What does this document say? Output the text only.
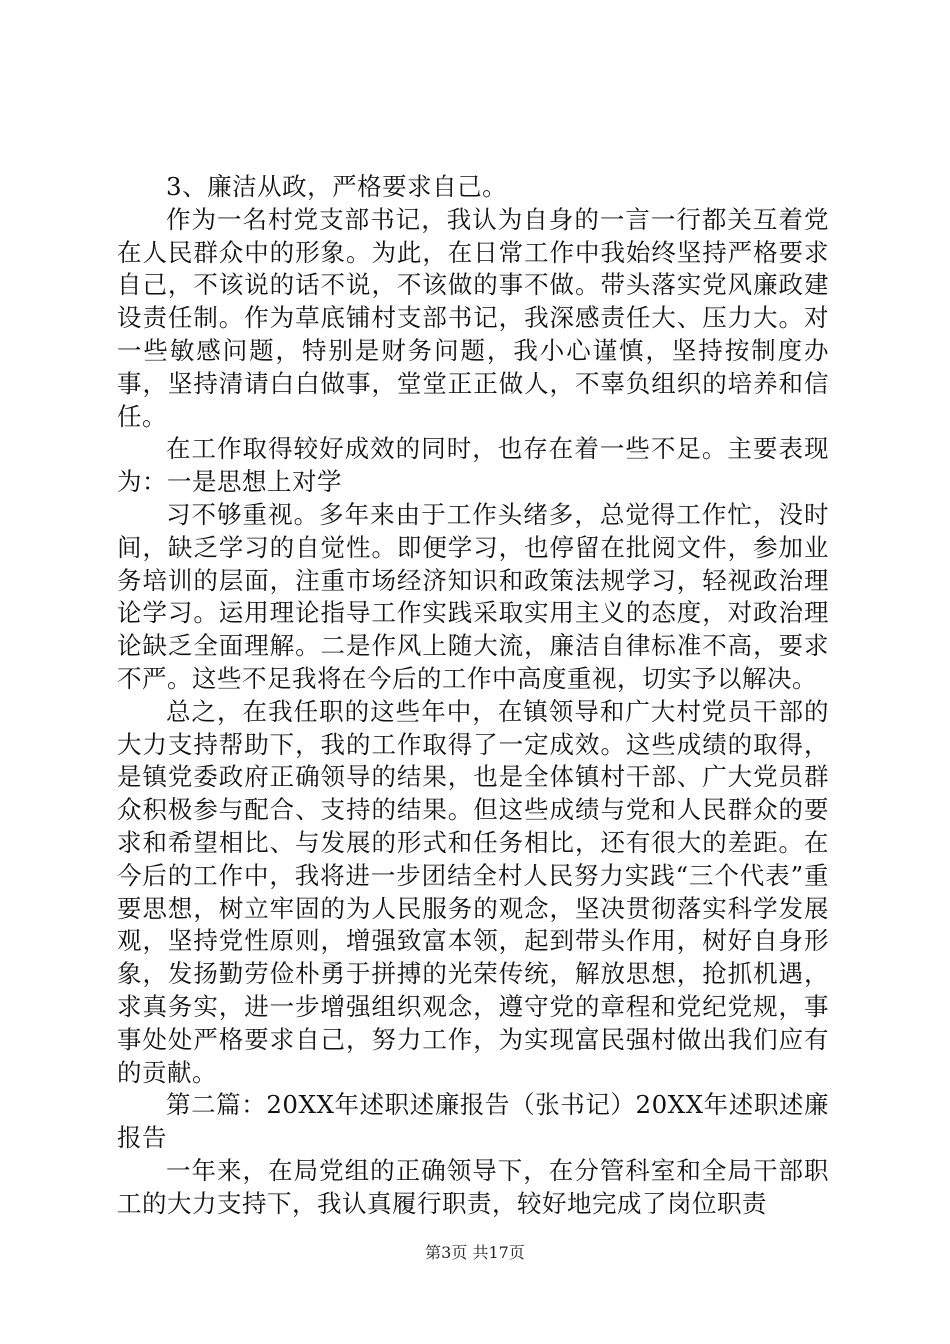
3、廉洁从政，严格要求自己。

作为一名村党支部书记，我认为自身的一言一行都关互着党在人民群众中的形象。为此，在日常工作中我始终坚持严格要求自己，不该说的话不说，不该做的事不做。带头落实党风廉政建设责任制。作为草底铺村支部书记，我深感责任大、压力大。对一些敏感问题，特别是财务问题，我小心谨慎，坚持按制度办事，坚持清请白白做事，堂堂正正做人，不辜负组织的培养和信任。

在工作取得较好成效的同时，也存在着一些不足。主要表现为：一是思想上对学

习不够重视。多年来由于工作头绪多，总觉得工作忙，没时间，缺乏学习的自觉性。即便学习，也停留在批阅文件，参加业务培训的层面，注重市场经济知识和政策法规学习，轻视政治理论学习。运用理论指导工作实践采取实用主义的态度，对政治理论缺乏全面理解。二是作风上随大流，廉洁自律标准不高，要求不严。这些不足我将在今后的工作中高度重视，切实予以解决。

总之，在我任职的这些年中，在镇领导和广大村党员干部的大力支持帮助下，我的工作取得了一定成效。这些成绩的取得，是镇党委政府正确领导的结果，也是全体镇村干部、广大党员群众积极参与配合、支持的结果。但这些成绩与党和人民群众的要求和希望相比、与发展的形式和任务相比，还有很大的差距。在今后的工作中，我将进一步团结全村人民努力实践“三个代表”重要思想，树立牢固的为人民服务的观念，坚决贯彻落实科学发展观，坚持党性原则，增强致富本领，起到带头作用，树好自身形象，发扬勤劳俭朴勇于拼搏的光荣传统，解放思想，抢抓机遇，求真务实，进一步增强组织观念，遵守党的章程和党纪党规，事事处处严格要求自己，努力工作，为实现富民强村做出我们应有的贡献。

第二篇：20XX年述职述廉报告（张书记）20XX年述职述廉报告

一年来，在局党组的正确领导下，在分管科室和全局干部职工的大力支持下，我认真履行职责，较好地完成了岗位职责

第3页 共17页
